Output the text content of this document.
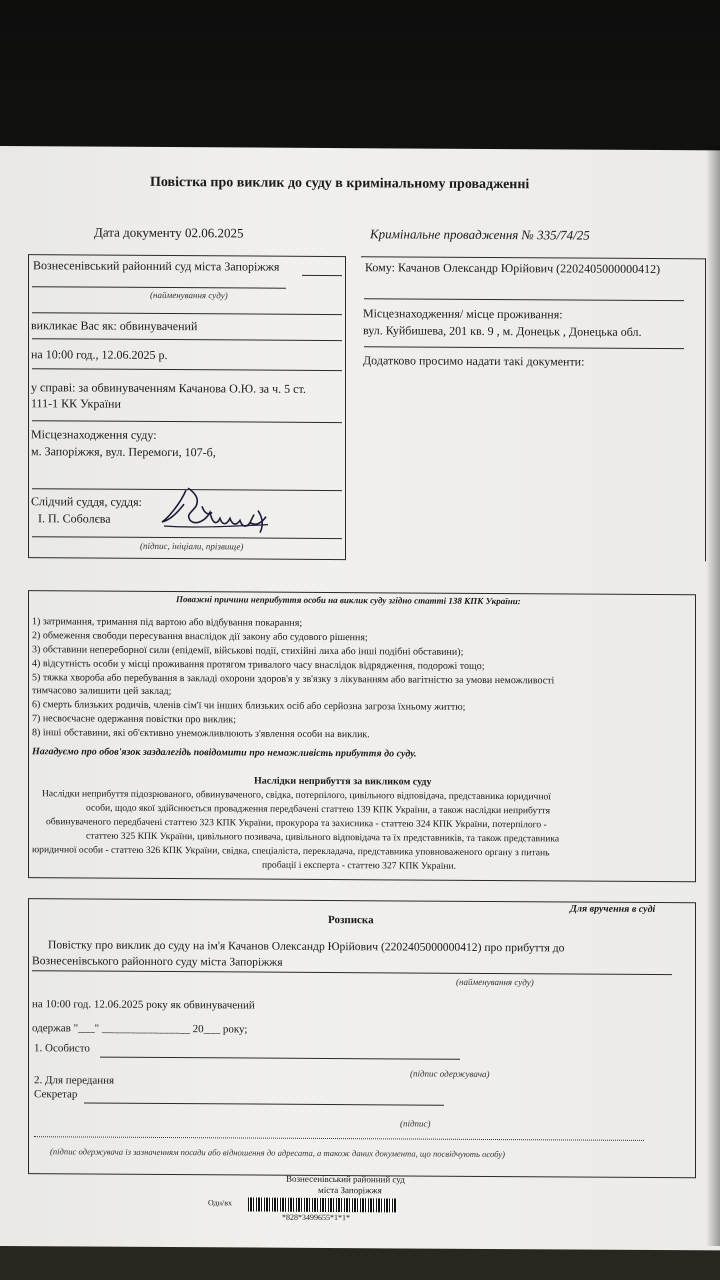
Повістка про виклик до суду в кримінальному провадженні
Дата документу 02.06.2025	Кримінальне провадження № 335/74/25
Вознесенівський районний суд міста Запоріжжя
(найменування суду)
викликає Вас як: обвинувачений
на 10:00 год., 12.06.2025 р.
у справі: за обвинуваченням Качанова О.Ю. за ч. 5 ст.
111-1 КК України
Місцезнаходження суду:
м. Запоріжжя, вул. Перемоги, 107-б,
Слідчий суддя, суддя:
І. П. Соболєва
(підпис, ініціали, прізвище)
Кому: Качанов Олександр Юрійович (2202405000000412)
Місцезнаходження/ місце проживання:
вул. Куйбишева, 201 кв. 9 , м. Донецьк , Донецька обл.
Додатково просимо надати такі документи:
Поважні причини неприбуття особи на виклик суду згідно статті 138 КПК України:
1) затримання, тримання під вартою або відбування покарання;
2) обмеження свободи пересування внаслідок дії закону або судового рішення;
3) обставини непереборної сили (епідемії, військові події, стихійні лиха або інші подібні обставини);
4) відсутність особи у місці проживання протягом тривалого часу внаслідок відрядження, подорожі тощо;
5) тяжка хвороба або перебування в закладі охорони здоров'я у зв'язку з лікуванням або вагітністю за умови неможливості
тимчасово залишити цей заклад;
6) смерть близьких родичів, членів сім'ї чи інших близьких осіб або серйозна загроза їхньому життю;
7) несвоєчасне одержання повістки про виклик;
8) інші обставини, які об'єктивно унеможливлюють з'явлення особи на виклик.
Нагадуємо про обов'язок заздалегідь повідомити про неможливість прибуття до суду.
Наслідки неприбуття за викликом суду
Наслідки неприбуття підозрюваного, обвинуваченого, свідка, потерпілого, цивільного відповідача, представника юридичної
особи, щодо якої здійснюється провадження передбачені статтею 139 КПК України, а також наслідки неприбуття
обвинуваченого передбачені статтею 323 КПК України, прокурора та захисника - статтею 324 КПК України, потерпілого -
статтею 325 КПК України, цивільного позивача, цивільного відповідача та їх представників, та також представника
юридичної особи - статтею 326 КПК України, свідка, спеціаліста, перекладача, представника уповноваженого органу з питань
пробації і експерта - статтею 327 КПК України.
Для вручення в суді
Розписка
Повістку про виклик до суду на ім'я Качанов Олександр Юрійович (2202405000000412) про прибуття до
Вознесенівського районного суду міста Запоріжжя
(найменування суду)
на 10:00 год. 12.06.2025 року як обвинувачений
одержав "___" ________________ 20___ року;
1. Особисто
(підпис одержувача)
2. Для передання
Секретар
(підпис)
(підпис одержувача із зазначенням посади або відношення до адресата, а також даних документа, що посвідчують особу)
Вознесенівський районний суд
міста Запоріжжя
Одн/вх
*828*3499655*1*1*
